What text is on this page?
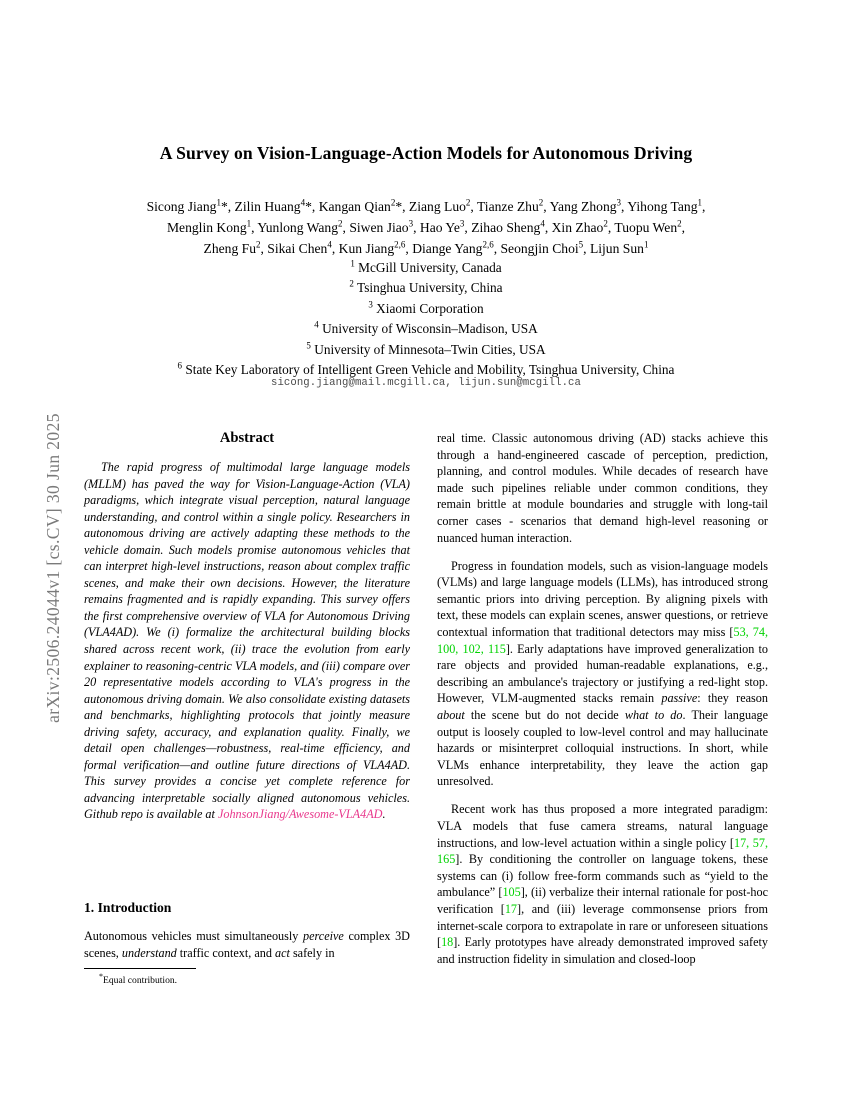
arXiv:2506.24044v1 [cs.CV] 30 Jun 2025
A Survey on Vision-Language-Action Models for Autonomous Driving
Sicong Jiang$^1$*, Zilin Huang$^4$*, Kangan Qian$^2$*, Ziang Luo$^2$, Tianze Zhu$^2$, Yang Zhong$^3$, Yihong Tang$^1$,
Menglin Kong$^1$, Yunlong Wang$^2$, Siwen Jiao$^3$, Hao Ye$^3$, Zihao Sheng$^4$, Xin Zhao$^2$, Tuopu Wen$^2$,
Zheng Fu$^2$, Sikai Chen$^4$, Kun Jiang$^{2,6}$, Diange Yang$^{2,6}$, Seongjin Choi$^5$, Lijun Sun$^1$
$^1$ McGill University, Canada
$^2$ Tsinghua University, China
$^3$ Xiaomi Corporation
$^4$ University of Wisconsin–Madison, USA
$^5$ University of Minnesota–Twin Cities, USA
$^6$ State Key Laboratory of Intelligent Green Vehicle and Mobility, Tsinghua University, China
sicong.jiang@mail.mcgill.ca, lijun.sun@mcgill.ca
Abstract

The rapid progress of multimodal large language models (MLLM) has paved the way for Vision-Language-Action (VLA) paradigms, which integrate visual perception, natural language understanding, and control within a single policy. Researchers in autonomous driving are actively adapting these methods to the vehicle domain. Such models promise autonomous vehicles that can interpret high-level instructions, reason about complex traffic scenes, and make their own decisions. However, the literature remains fragmented and is rapidly expanding. This survey offers the first comprehensive overview of VLA for Autonomous Driving (VLA4AD). We (i) formalize the architectural building blocks shared across recent work, (ii) trace the evolution from early explainer to reasoning-centric VLA models, and (iii) compare over 20 representative models according to VLA's progress in the autonomous driving domain. We also consolidate existing datasets and benchmarks, highlighting protocols that jointly measure driving safety, accuracy, and explanation quality. Finally, we detail open challenges—robustness, real-time efficiency, and formal verification—and outline future directions of VLA4AD. This survey provides a concise yet complete reference for advancing interpretable socially aligned autonomous vehicles. Github repo is available at JohnsonJiang/Awesome-VLA4AD.

1. Introduction

Autonomous vehicles must simultaneously perceive complex 3D scenes, understand traffic context, and act safely in

*Equal contribution.

real time. Classic autonomous driving (AD) stacks achieve this through a hand-engineered cascade of perception, prediction, planning, and control modules. While decades of research have made such pipelines reliable under common conditions, they remain brittle at module boundaries and struggle with long-tail corner cases - scenarios that demand high-level reasoning or nuanced human interaction.

Progress in foundation models, such as vision-language models (VLMs) and large language models (LLMs), has introduced strong semantic priors into driving perception. By aligning pixels with text, these models can explain scenes, answer questions, or retrieve contextual information that traditional detectors may miss [53, 74, 100, 102, 115]. Early adaptations have improved generalization to rare objects and provided human-readable explanations, e.g., describing an ambulance's trajectory or justifying a red-light stop. However, VLM-augmented stacks remain passive: they reason about the scene but do not decide what to do. Their language output is loosely coupled to low-level control and may hallucinate hazards or misinterpret colloquial instructions. In short, while VLMs enhance interpretability, they leave the action gap unresolved.

Recent work has thus proposed a more integrated paradigm: VLA models that fuse camera streams, natural language instructions, and low-level actuation within a single policy [17, 57, 165]. By conditioning the controller on language tokens, these systems can (i) follow free-form commands such as “yield to the ambulance” [105], (ii) verbalize their internal rationale for post-hoc verification [17], and (iii) leverage commonsense priors from internet-scale corpora to extrapolate in rare or unforeseen situations [18]. Early prototypes have already demonstrated improved safety and instruction fidelity in simulation and closed-loop
